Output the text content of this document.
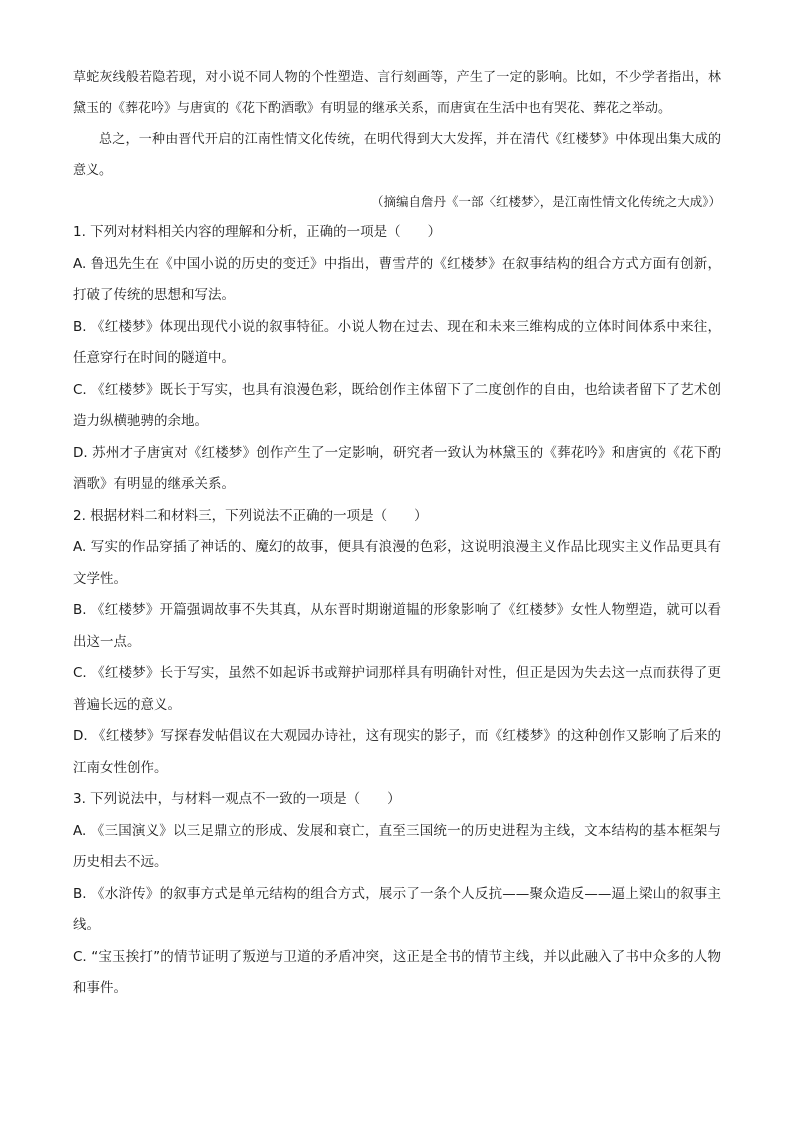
草蛇灰线般若隐若现，对小说不同人物的个性塑造、言行刻画等，产生了一定的影响。比如，不少学者指出，林黛玉的《葬花吟》与唐寅的《花下酌酒歌》有明显的继承关系，而唐寅在生活中也有哭花、葬花之举动。

总之，一种由晋代开启的江南性情文化传统，在明代得到大大发挥，并在清代《红楼梦》中体现出集大成的意义。

（摘编自詹丹《一部〈红楼梦〉，是江南性情文化传统之大成》）

1. 下列对材料相关内容的理解和分析，正确的一项是（　　）

A. 鲁迅先生在《中国小说的历史的变迁》中指出，曹雪芹的《红楼梦》在叙事结构的组合方式方面有创新，打破了传统的思想和写法。

B. 《红楼梦》体现出现代小说的叙事特征。小说人物在过去、现在和未来三维构成的立体时间体系中来往，任意穿行在时间的隧道中。

C. 《红楼梦》既长于写实，也具有浪漫色彩，既给创作主体留下了二度创作的自由，也给读者留下了艺术创造力纵横驰骋的余地。

D. 苏州才子唐寅对《红楼梦》创作产生了一定影响，研究者一致认为林黛玉的《葬花吟》和唐寅的《花下酌酒歌》有明显的继承关系。

2. 根据材料二和材料三，下列说法不正确的一项是（　　）

A. 写实的作品穿插了神话的、魔幻的故事，便具有浪漫的色彩，这说明浪漫主义作品比现实主义作品更具有文学性。

B. 《红楼梦》开篇强调故事不失其真，从东晋时期谢道韫的形象影响了《红楼梦》女性人物塑造，就可以看出这一点。

C. 《红楼梦》长于写实，虽然不如起诉书或辩护词那样具有明确针对性，但正是因为失去这一点而获得了更普遍长远的意义。

D. 《红楼梦》写探春发帖倡议在大观园办诗社，这有现实的影子，而《红楼梦》的这种创作又影响了后来的江南女性创作。

3. 下列说法中，与材料一观点不一致的一项是（　　）

A. 《三国演义》以三足鼎立的形成、发展和衰亡，直至三国统一的历史进程为主线，文本结构的基本框架与历史相去不远。

B. 《水浒传》的叙事方式是单元结构的组合方式，展示了一条个人反抗——聚众造反——逼上梁山的叙事主线。

C. “宝玉挨打”的情节证明了叛逆与卫道的矛盾冲突，这正是全书的情节主线，并以此融入了书中众多的人物和事件。
